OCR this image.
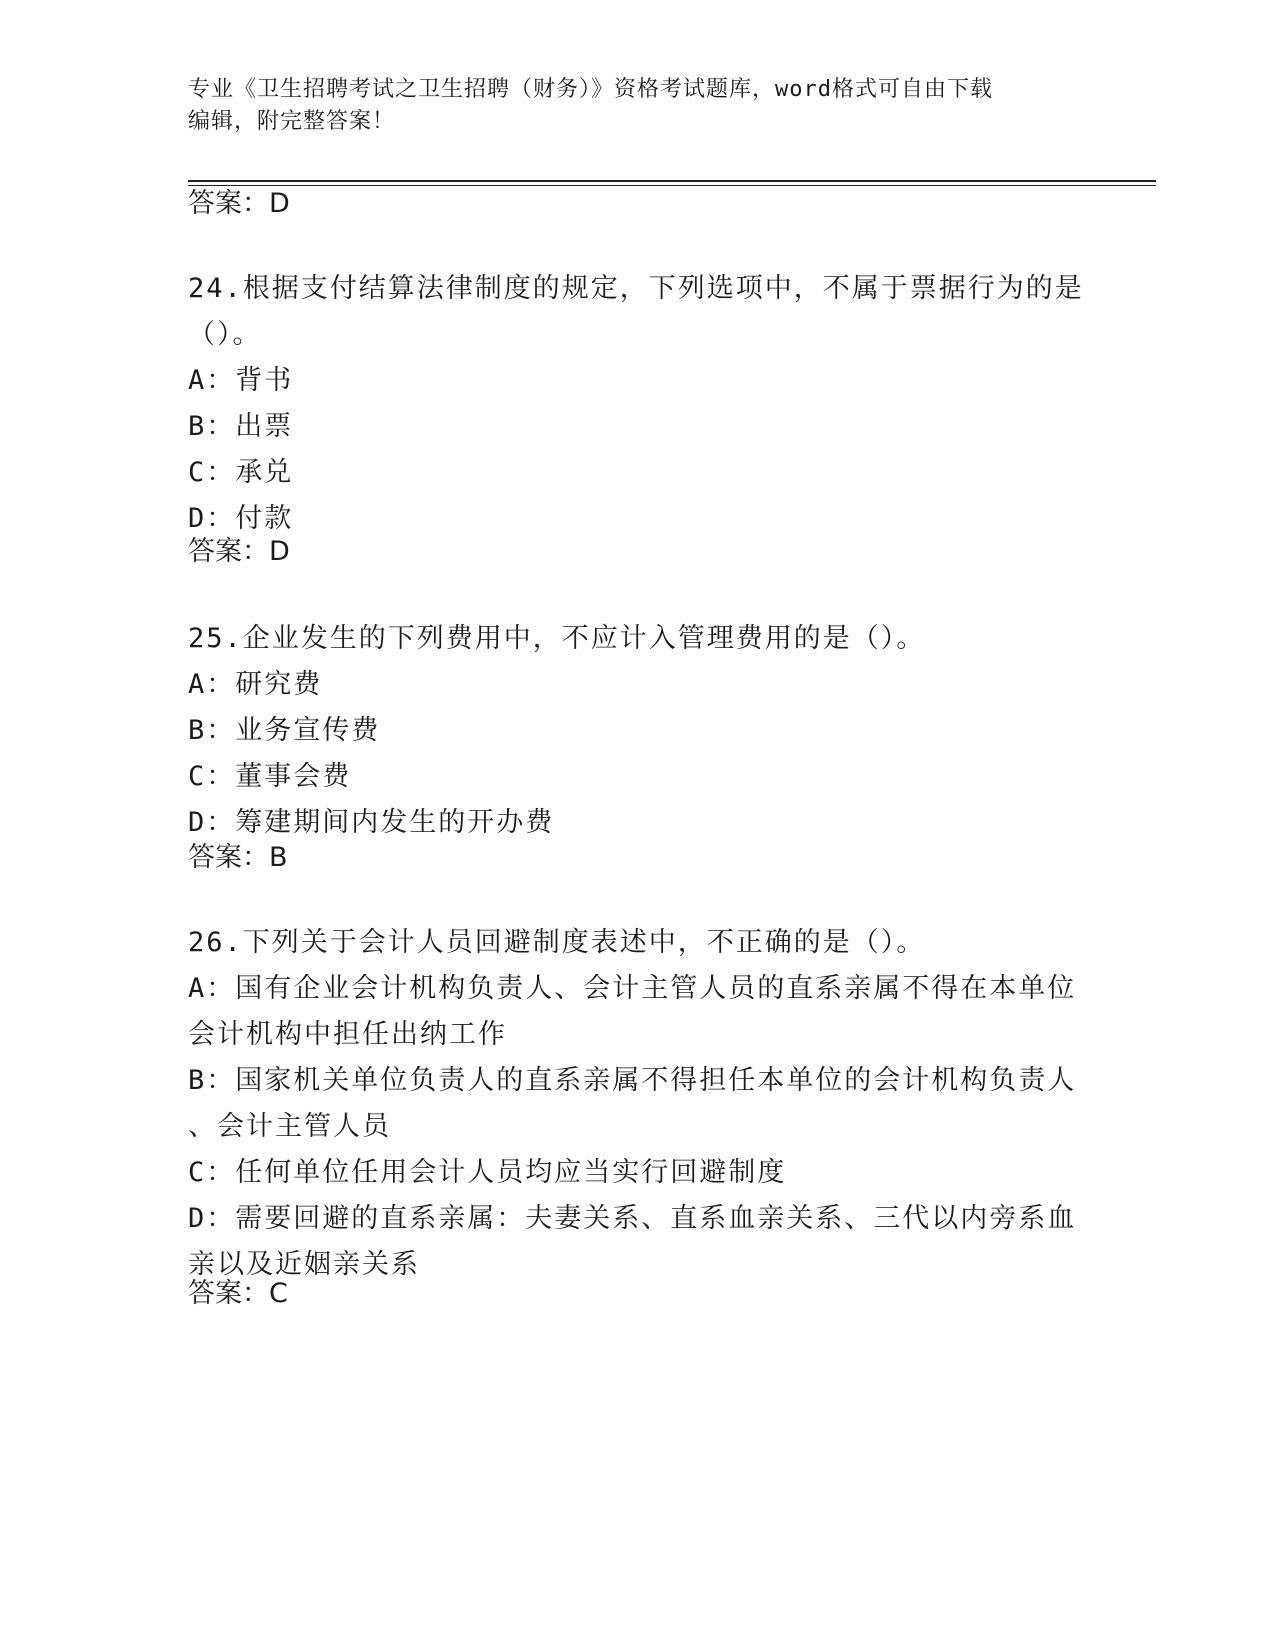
专业《卫生招聘考试之卫生招聘（财务）》资格考试题库，word格式可自由下载
编辑，附完整答案！
答案：D
24.根据支付结算法律制度的规定，下列选项中，不属于票据行为的是
（）。
A：背书
B：出票
C：承兑
D：付款
答案：D
25.企业发生的下列费用中，不应计入管理费用的是（）。
A：研究费
B：业务宣传费
C：董事会费
D：筹建期间内发生的开办费
答案：B
26.下列关于会计人员回避制度表述中，不正确的是（）。
A：国有企业会计机构负责人、会计主管人员的直系亲属不得在本单位
会计机构中担任出纳工作
B：国家机关单位负责人的直系亲属不得担任本单位的会计机构负责人
、会计主管人员
C：任何单位任用会计人员均应当实行回避制度
D：需要回避的直系亲属：夫妻关系、直系血亲关系、三代以内旁系血
亲以及近姻亲关系
答案：C
